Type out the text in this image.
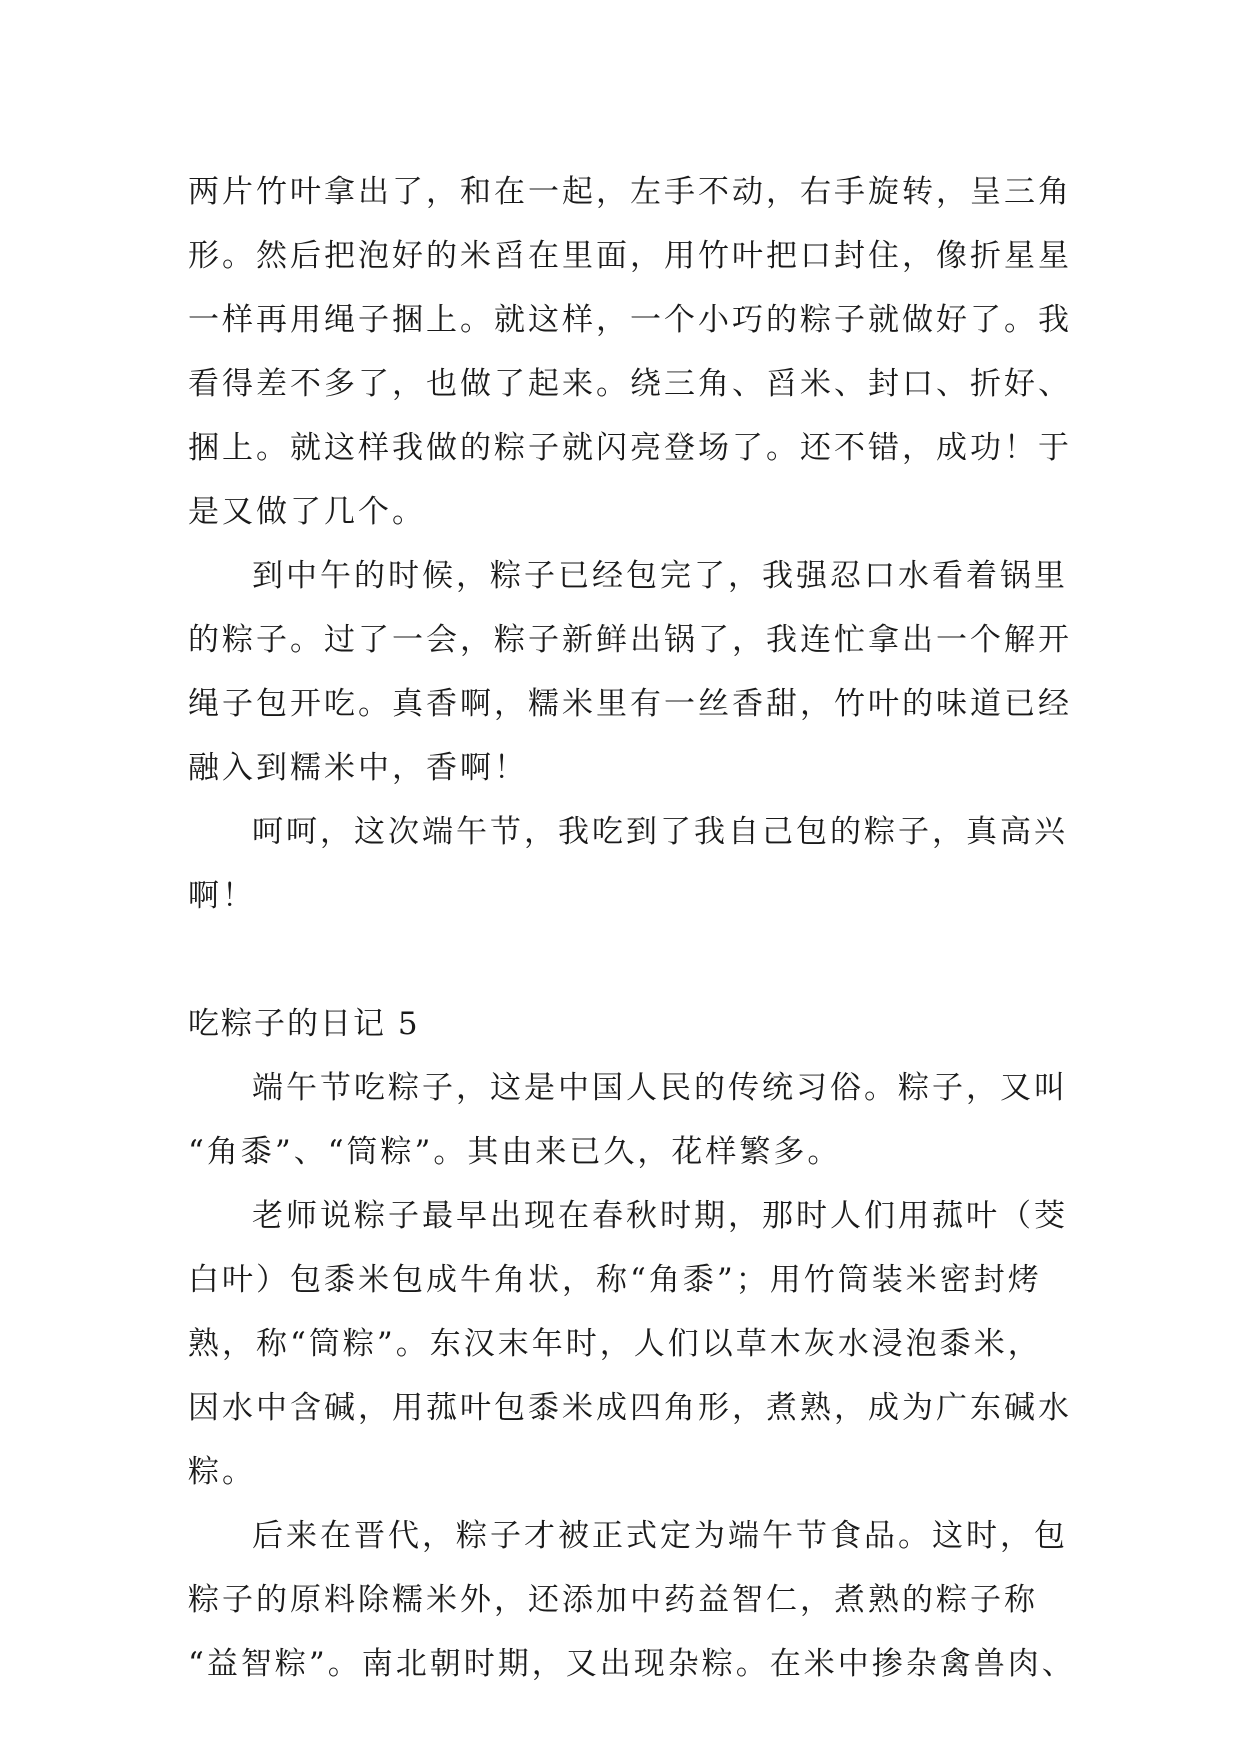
两片竹叶拿出了，和在一起，左手不动，右手旋转，呈三角
形。然后把泡好的米舀在里面，用竹叶把口封住，像折星星
一样再用绳子捆上。就这样，一个小巧的粽子就做好了。我
看得差不多了，也做了起来。绕三角、舀米、封口、折好、
捆上。就这样我做的粽子就闪亮登场了。还不错，成功！于
是又做了几个。
到中午的时候，粽子已经包完了，我强忍口水看着锅里
的粽子。过了一会，粽子新鲜出锅了，我连忙拿出一个解开
绳子包开吃。真香啊，糯米里有一丝香甜，竹叶的味道已经
融入到糯米中，香啊！
呵呵，这次端午节，我吃到了我自己包的粽子，真高兴
啊！
吃粽子的日记 5
端午节吃粽子，这是中国人民的传统习俗。粽子，又叫
“角黍”、“筒粽”。其由来已久，花样繁多。
老师说粽子最早出现在春秋时期，那时人们用菰叶（茭
白叶）包黍米包成牛角状，称“角黍”；用竹筒装米密封烤
熟，称“筒粽”。东汉末年时，人们以草木灰水浸泡黍米，
因水中含碱，用菰叶包黍米成四角形，煮熟，成为广东碱水
粽。
后来在晋代，粽子才被正式定为端午节食品。这时，包
粽子的原料除糯米外，还添加中药益智仁，煮熟的粽子称
“益智粽”。南北朝时期，又出现杂粽。在米中掺杂禽兽肉、
